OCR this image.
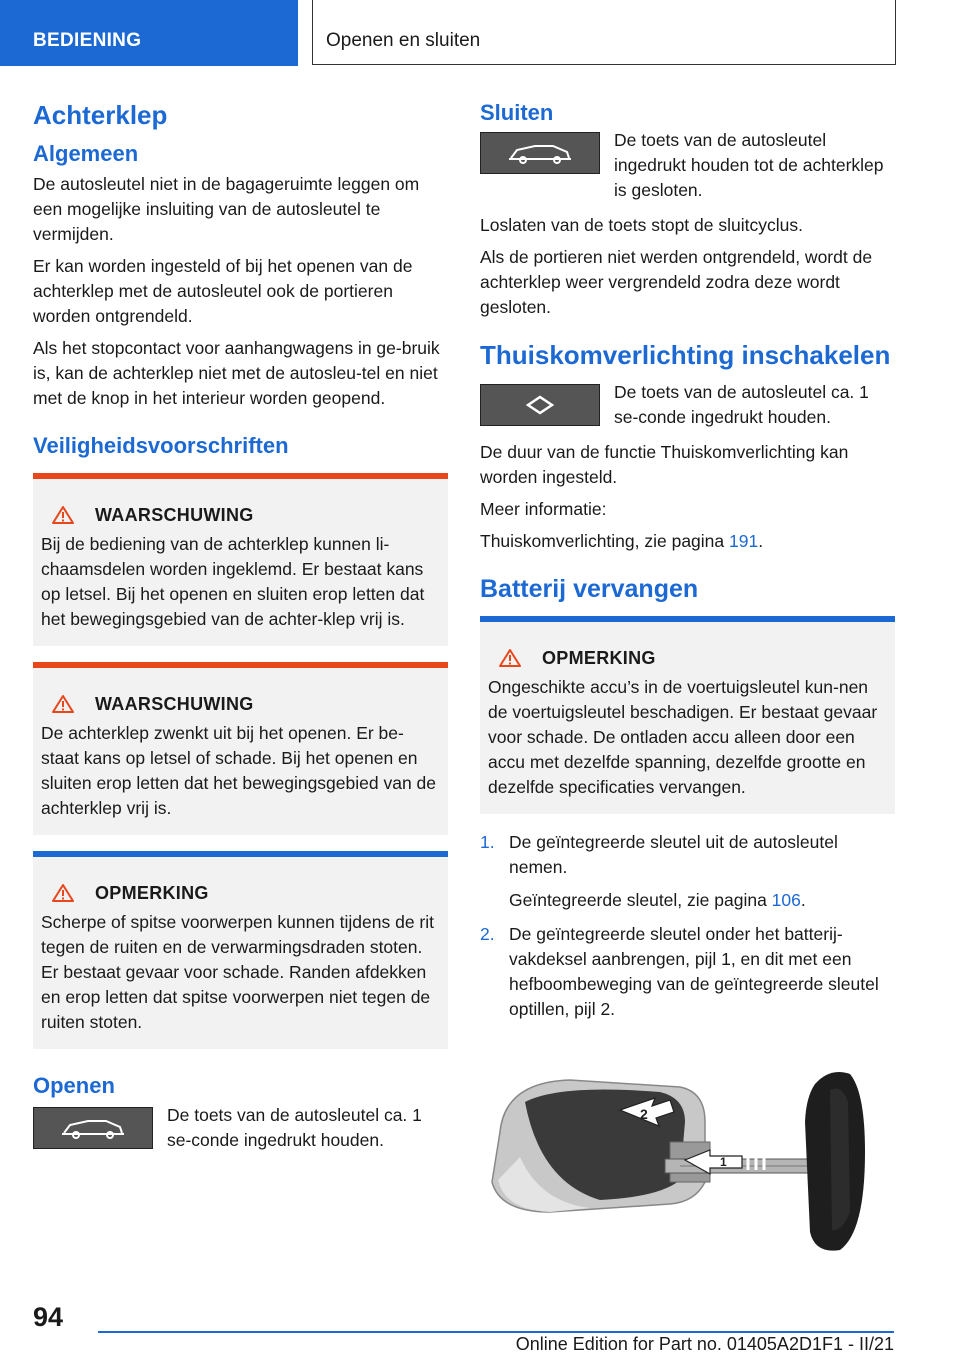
BEDIENING	Openen en sluiten
Achterklep
Algemeen

De autosleutel niet in de bagageruimte leggen om een mogelijke insluiting van de autosleutel te vermijden.

Er kan worden ingesteld of bij het openen van de achterklep met de autosleutel ook de portieren worden ontgrendeld.

Als het stopcontact voor aanhangwagens in ge-bruik is, kan de achterklep niet met de autosleu-tel en niet met de knop in het interieur worden geopend.

Veiligheidsvoorschriften
WAARSCHUWING

Bij de bediening van de achterklep kunnen li-chaamsdelen worden ingeklemd. Er bestaat kans op letsel. Bij het openen en sluiten erop letten dat het bewegingsgebied van de achter-klep vrij is.

WAARSCHUWING

De achterklep zwenkt uit bij het openen. Er be-staat kans op letsel of schade. Bij het openen en sluiten erop letten dat het bewegingsgebied van de achterklep vrij is.

OPMERKING

Scherpe of spitse voorwerpen kunnen tijdens de rit tegen de ruiten en de verwarmingsdraden stoten. Er bestaat gevaar voor schade. Randen afdekken en erop letten dat spitse voorwerpen niet tegen de ruiten stoten.

Openen

De toets van de autosleutel ca. 1 se-conde ingedrukt houden.

Sluiten

De toets van de autosleutel ingedrukt houden tot de achterklep is gesloten.

Loslaten van de toets stopt de sluitcyclus.

Als de portieren niet werden ontgrendeld, wordt de achterklep weer vergrendeld zodra deze wordt gesloten.

Thuiskomverlichting inschakelen

De toets van de autosleutel ca. 1 se-conde ingedrukt houden.

De duur van de functie Thuiskomverlichting kan worden ingesteld.

Meer informatie:

Thuiskomverlichting, zie pagina 191.

Batterij vervangen
OPMERKING

Ongeschikte accu’s in de voertuigsleutel kun-nen de voertuigsleutel beschadigen. Er bestaat gevaar voor schade. De ontladen accu alleen door een accu met dezelfde spanning, dezelfde grootte en dezelfde specificaties vervangen.

1. De geïntegreerde sleutel uit de autosleutel nemen.
Geïntegreerde sleutel, zie pagina 106.
2. De geïntegreerde sleutel onder het batterij-vakdeksel aanbrengen, pijl 1, en dit met een hefboombeweging van de geïntegreerde sleutel optillen, pijl 2.
2
1
94
Online Edition for Part no. 01405A2D1F1 - II/21
